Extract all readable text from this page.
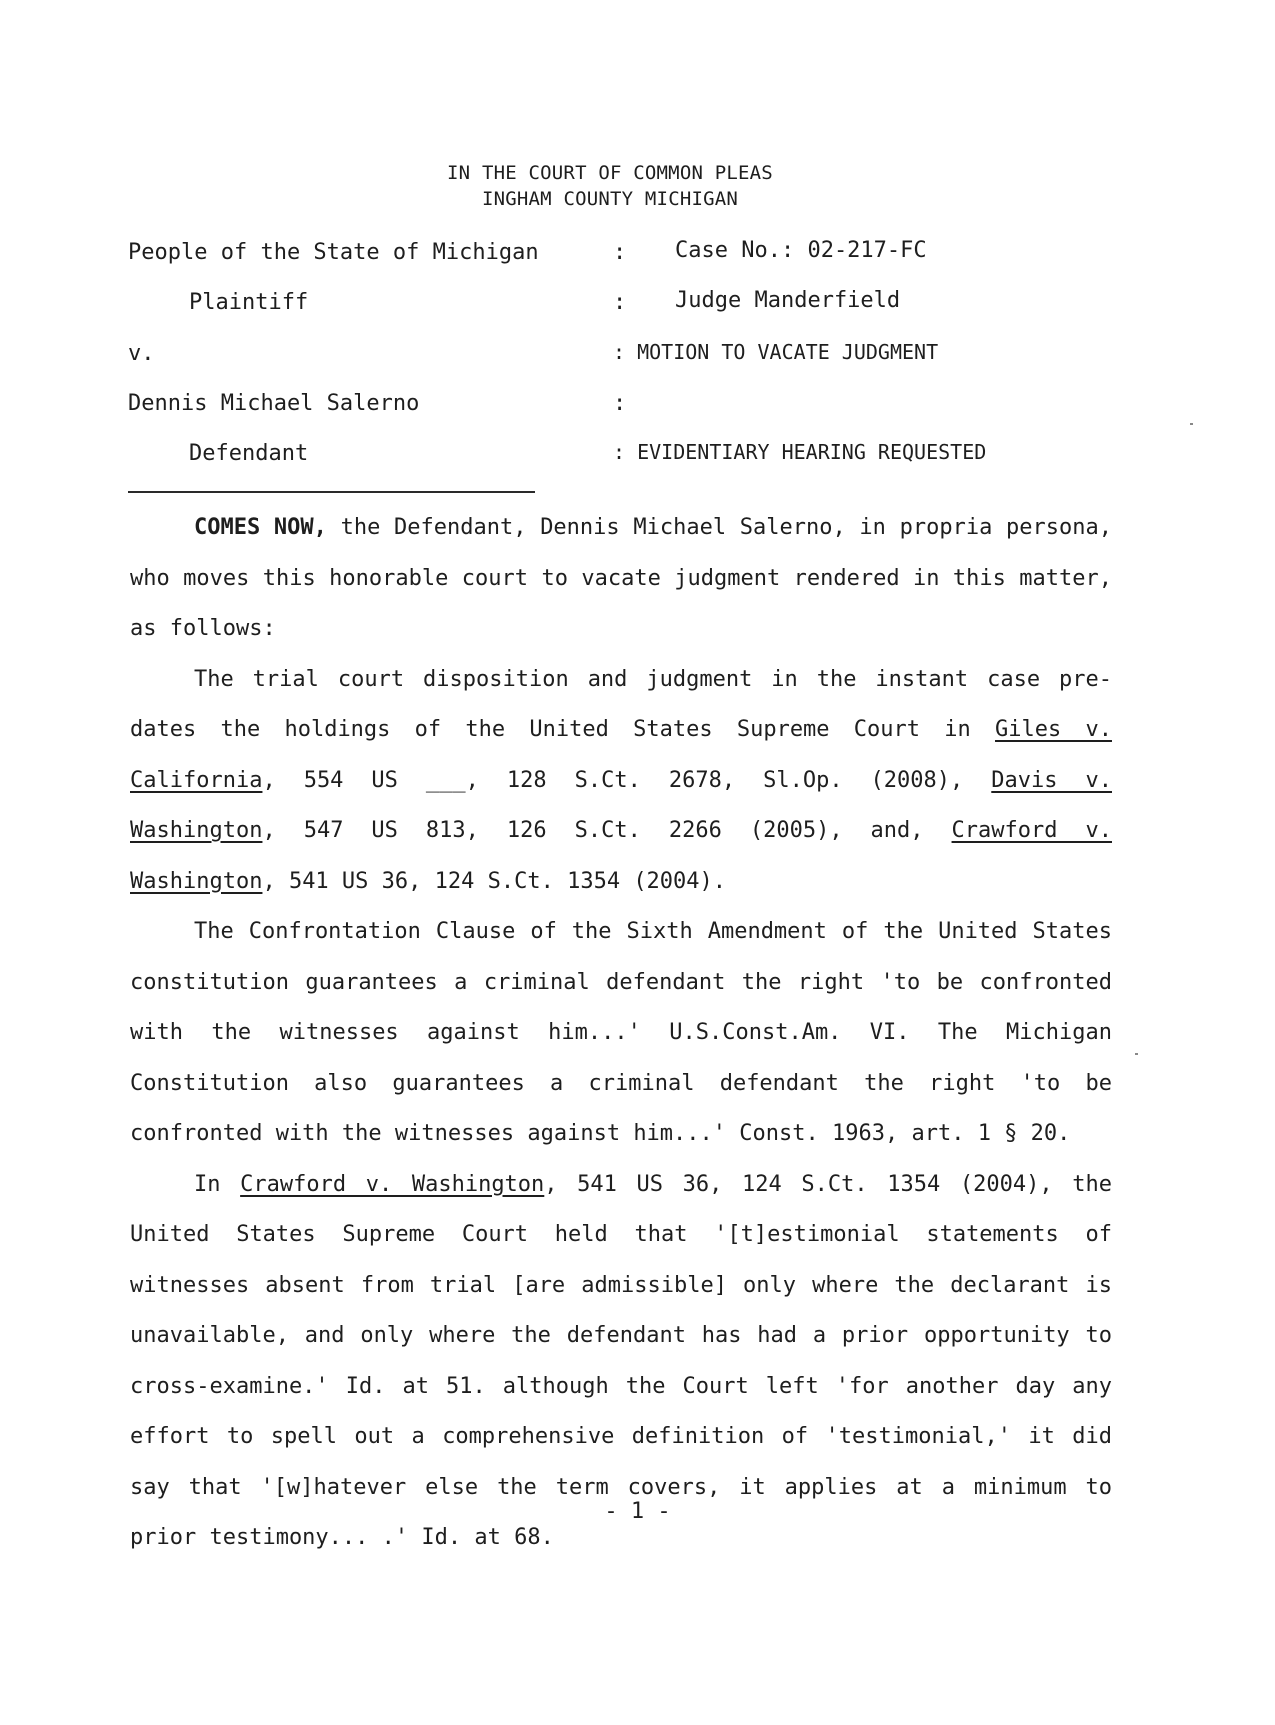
IN THE COURT OF COMMON PLEAS
INGHAM COUNTY MICHIGAN
People of the State of Michigan
Plaintiff
v.
Dennis Michael Salerno
Defendant
: Case No.: 02-217-FC
: Judge Manderfield
: MOTION TO VACATE JUDGMENT
:
: EVIDENTIARY HEARING REQUESTED

COMES NOW, the Defendant, Dennis Michael Salerno, in propria persona, who moves this honorable court to vacate judgment rendered in this matter, as follows:

The trial court disposition and judgment in the instant case pre-dates the holdings of the United States Supreme Court in Giles v. California, 554 US ___, 128 S.Ct. 2678, Sl.Op. (2008), Davis v. Washington, 547 US 813, 126 S.Ct. 2266 (2005), and, Crawford v. Washington, 541 US 36, 124 S.Ct. 1354 (2004).

The Confrontation Clause of the Sixth Amendment of the United States constitution guarantees a criminal defendant the right 'to be confronted with the witnesses against him...' U.S.Const.Am. VI. The Michigan Constitution also guarantees a criminal defendant the right 'to be confronted with the witnesses against him...' Const. 1963, art. 1 § 20.

In Crawford v. Washington, 541 US 36, 124 S.Ct. 1354 (2004), the United States Supreme Court held that '[t]estimonial statements of witnesses absent from trial [are admissible] only where the declarant is unavailable, and only where the defendant has had a prior opportunity to cross-examine.' Id. at 51. although the Court left 'for another day any effort to spell out a comprehensive definition of 'testimonial,' it did say that '[w]hatever else the term covers, it applies at a minimum to prior testimony... .' Id. at 68.

- 1 -
